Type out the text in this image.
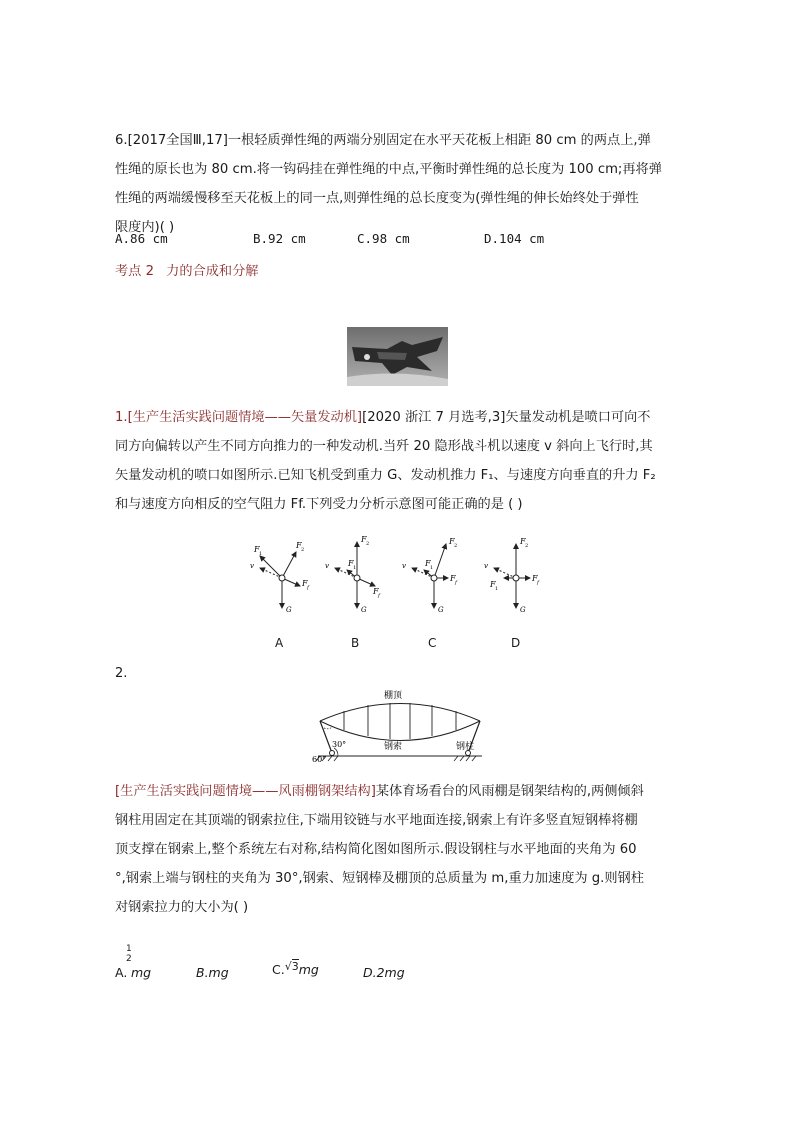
6.[2017全国Ⅲ,17]一根轻质弹性绳的两端分别固定在水平天花板上相距 80 cm 的两点上,弹
性绳的原长也为 80 cm.将一钩码挂在弹性绳的中点,平衡时弹性绳的总长度为 100 cm;再将弹
性绳的两端缓慢移至天花板上的同一点,则弹性绳的总长度变为(弹性绳的伸长始终处于弹性
限度内)( )
A.86 cm	B.92 cm	C.98 cm	D.104 cm
考点 2 力的合成和分解
1.[生产生活实践问题情境——矢量发动机][2020 浙江 7 月选考,3]矢量发动机是喷口可向不
同方向偏转以产生不同方向推力的一种发动机.当歼 20 隐形战斗机以速度 v 斜向上飞行时,其
矢量发动机的喷口如图所示.已知飞机受到重力 G、发动机推力 F₁、与速度方向垂直的升力 F₂
和与速度方向相反的空气阻力 Ff.下列受力分析示意图可能正确的是 ( )
F 1
F 2
v
F f
G
F 1
F 2
v
F f
G
F 1
F 2
v
F f
G
F 1
F 2
v
F f
G
A	B	C	D
2.
棚顶
钢索	钢柱
30°
60°
[生产生活实践问题情境——风雨棚钢架结构]某体育场看台的风雨棚是钢架结构的,两侧倾斜
钢柱用固定在其顶端的钢索拉住,下端用铰链与水平地面连接,钢索上有许多竖直短钢棒将棚
顶支撑在钢索上,整个系统左右对称,结构简化图如图所示.假设钢柱与水平地面的夹角为 60
°,钢索上端与钢柱的夹角为 30°,钢索、短钢棒及棚顶的总质量为 m,重力加速度为 g.则钢柱
对钢索拉力的大小为( )
1
2
A. mg	B.mg	C.√3mg	D.2mg
